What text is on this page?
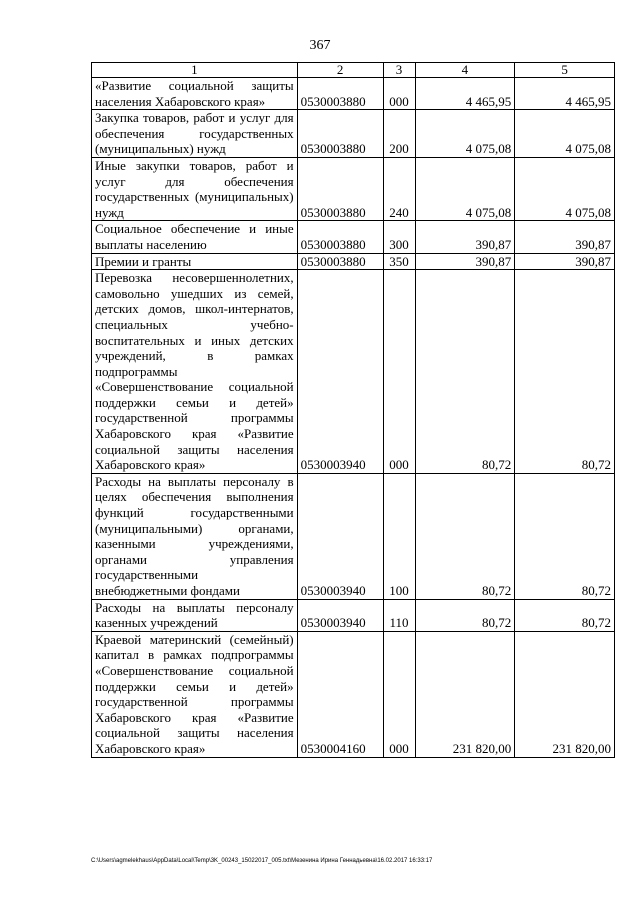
367
1	2	3	4	5
«Развитие социальной защиты населения Хабаровского края»	0530003880	000	4 465,95	4 465,95
Закупка товаров, работ и услуг для обеспечения государственных (муниципальных) нужд	0530003880	200	4 075,08	4 075,08
Иные закупки товаров, работ и услуг для обеспечения государственных (муниципальных) нужд	0530003880	240	4 075,08	4 075,08
Социальное обеспечение и иные выплаты населению	0530003880	300	390,87	390,87
Премии и гранты	0530003880	350	390,87	390,87
Перевозка несовершеннолетних, самовольно ушедших из семей, детских домов, школ-интернатов, специальных учебно-воспитательных и иных детских учреждений, в рамках подпрограммы «Совершенствование социальной поддержки семьи и детей» государственной программы Хабаровского края «Развитие социальной защиты населения Хабаровского края»	0530003940	000	80,72	80,72
Расходы на выплаты персоналу в целях обеспечения выполнения функций государственными (муниципальными) органами, казенными учреждениями, органами управления государственными внебюджетными фондами	0530003940	100	80,72	80,72
Расходы на выплаты персоналу казенных учреждений	0530003940	110	80,72	80,72
Краевой материнский (семейный) капитал в рамках подпрограммы «Совершенствование социальной поддержки семьи и детей» государственной программы Хабаровского края «Развитие социальной защиты населения Хабаровского края»	0530004160	000	231 820,00	231 820,00
C:\Users\agmelekhaus\AppData\Local\Temp\3K_00243_15022017_005.txt\Мезенина Ирина Геннадьевна\16.02.2017 16:33:17
